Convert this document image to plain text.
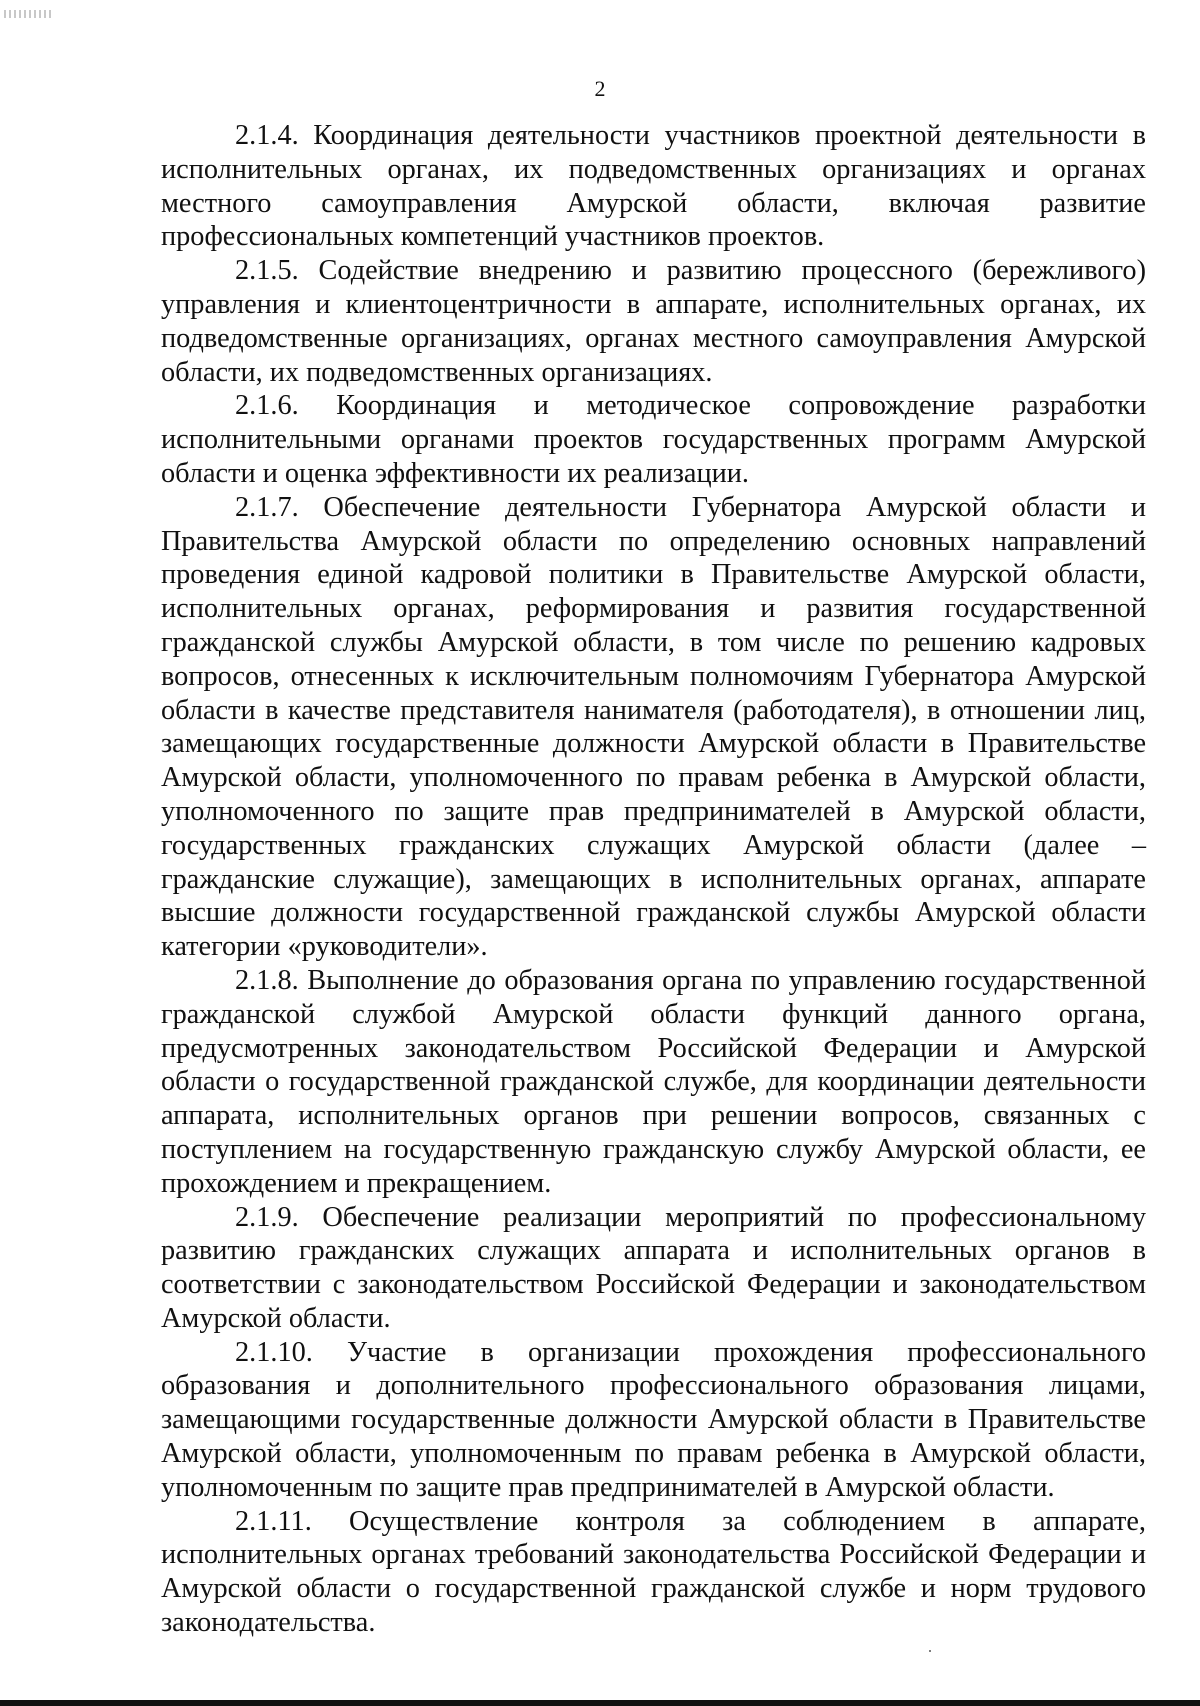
2

2.1.4. Координация деятельности участников проектной деятельности в исполнительных органах, их подведомственных организациях и органах местного самоуправления Амурской области, включая развитие профессиональных компетенций участников проектов.

2.1.5. Содействие внедрению и развитию процессного (бережливого) управления и клиентоцентричности в аппарате, исполнительных органах, их подведомственные организациях, органах местного самоуправления Амурской области, их подведомственных организациях.

2.1.6. Координация и методическое сопровождение разработки исполнительными органами проектов государственных программ Амурской области и оценка эффективности их реализации.

2.1.7. Обеспечение деятельности Губернатора Амурской области и Правительства Амурской области по определению основных направлений проведения единой кадровой политики в Правительстве Амурской области, исполнительных органах, реформирования и развития государственной гражданской службы Амурской области, в том числе по решению кадровых вопросов, отнесенных к исключительным полномочиям Губернатора Амурской области в качестве представителя нанимателя (работодателя), в отношении лиц, замещающих государственные должности Амурской области в Правительстве Амурской области, уполномоченного по правам ребенка в Амурской области, уполномоченного по защите прав предпринимателей в Амурской области, государственных гражданских служащих Амурской области (далее – гражданские служащие), замещающих в исполнительных органах, аппарате высшие должности государственной гражданской службы Амурской области категории «руководители».

2.1.8. Выполнение до образования органа по управлению государственной гражданской службой Амурской области функций данного органа, предусмотренных законодательством Российской Федерации и Амурской области о государственной гражданской службе, для координации деятельности аппарата, исполнительных органов при решении вопросов, связанных с поступлением на государственную гражданскую службу Амурской области, ее прохождением и прекращением.

2.1.9. Обеспечение реализации мероприятий по профессиональному развитию гражданских служащих аппарата и исполнительных органов в соответствии с законодательством Российской Федерации и законодательством Амурской области.

2.1.10. Участие в организации прохождения профессионального образования и дополнительного профессионального образования лицами, замещающими государственные должности Амурской области в Правительстве Амурской области, уполномоченным по правам ребенка в Амурской области, уполномоченным по защите прав предпринимателей в Амурской области.

2.1.11. Осуществление контроля за соблюдением в аппарате, исполнительных органах требований законодательства Российской Федерации и Амурской области о государственной гражданской службе и норм трудового законодательства.
